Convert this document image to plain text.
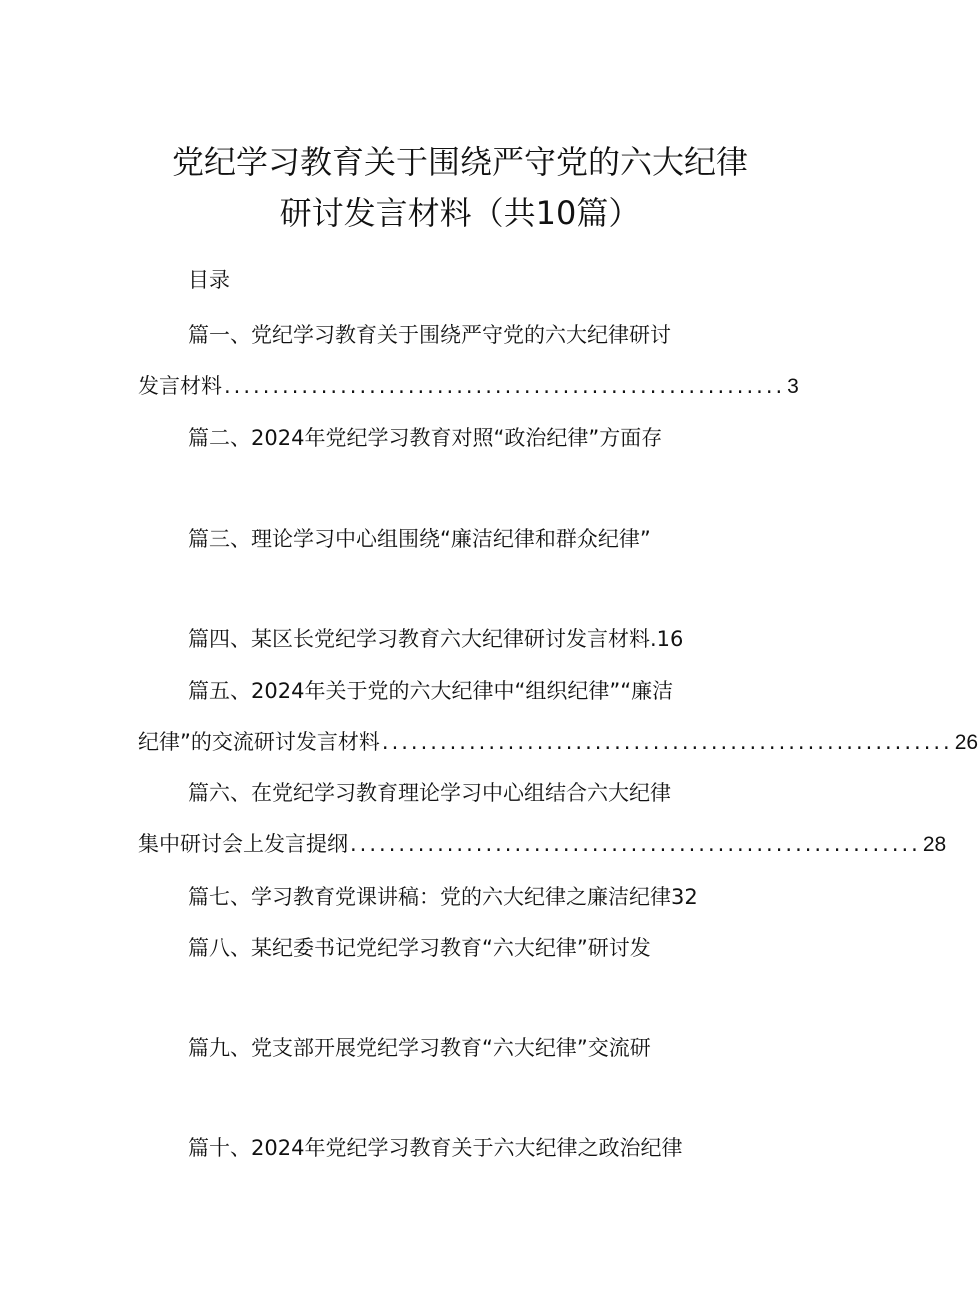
党纪学习教育关于围绕严守党的六大纪律
研讨发言材料（共10篇）
目录
篇一、党纪学习教育关于围绕严守党的六大纪律研讨
发言材料 .......................................................... 3
篇二、2024年党纪学习教育对照“政治纪律”方面存
篇三、理论学习中心组围绕“廉洁纪律和群众纪律”
篇四、某区长党纪学习教育六大纪律研讨发言材料.16
篇五、2024年关于党的六大纪律中“组织纪律”“廉洁
纪律”的交流研讨发言材料 ........................................................... 26
篇六、在党纪学习教育理论学习中心组结合六大纪律
集中研讨会上发言提纲 ........................................................... 28
篇七、学习教育党课讲稿：党的六大纪律之廉洁纪律32
篇八、某纪委书记党纪学习教育“六大纪律”研讨发
篇九、党支部开展党纪学习教育“六大纪律”交流研
篇十、2024年党纪学习教育关于六大纪律之政治纪律
